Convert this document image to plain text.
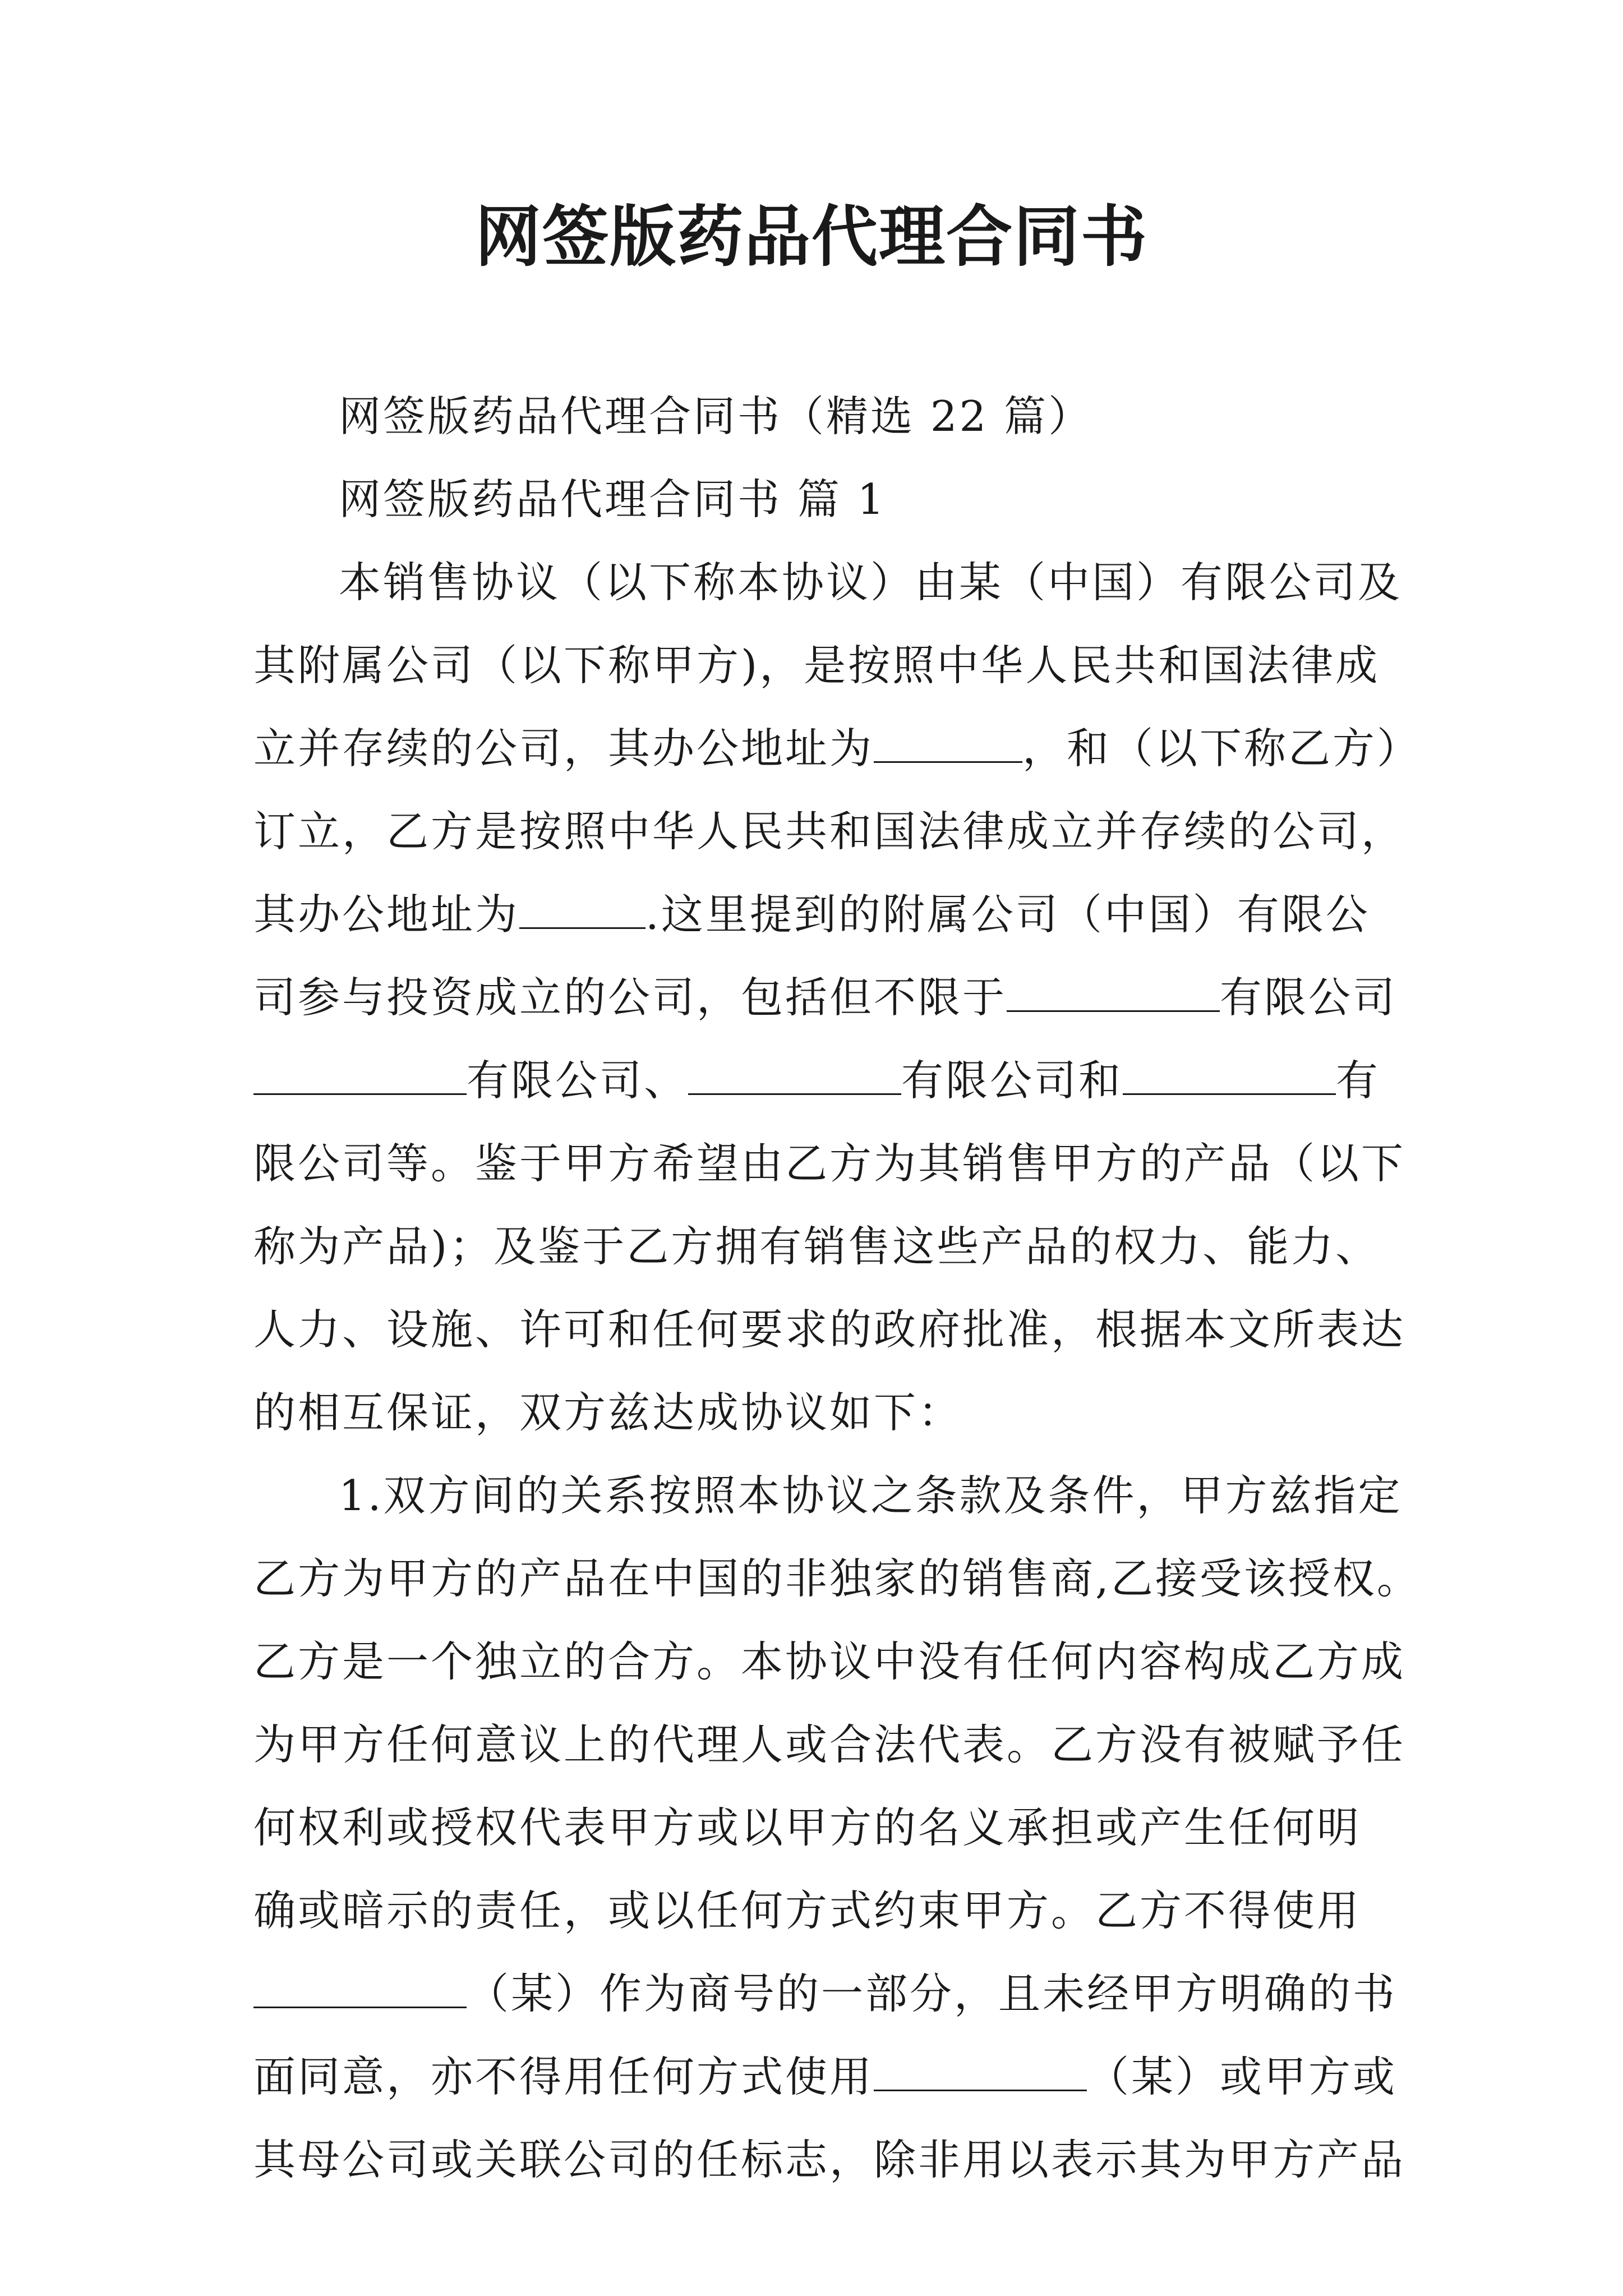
网签版药品代理合同书

网签版药品代理合同书（精选 22 篇）

网签版药品代理合同书 篇 1

本销售协议（以下称本协议）由某（中国）有限公司及

其附属公司（以下称甲方)，是按照中华人民共和国法律成

立并存续的公司，其办公地址为	，和（以下称乙方）

订立，乙方是按照中华人民共和国法律成立并存续的公司，

其办公地址为	.这里提到的附属公司（中国）有限公

司参与投资成立的公司，包括但不限于	有限公司

有限公司、	有限公司和	有

限公司等。鉴于甲方希望由乙方为其销售甲方的产品（以下

称为产品)；及鉴于乙方拥有销售这些产品的权力、能力、

人力、设施、许可和任何要求的政府批准，根据本文所表达

的相互保证，双方兹达成协议如下：

1.双方间的关系按照本协议之条款及条件，甲方兹指定

乙方为甲方的产品在中国的非独家的销售商,乙接受该授权。

乙方是一个独立的合方。本协议中没有任何内容构成乙方成

为甲方任何意议上的代理人或合法代表。乙方没有被赋予任

何权利或授权代表甲方或以甲方的名义承担或产生任何明

确或暗示的责任，或以任何方式约束甲方。乙方不得使用

（某）作为商号的一部分，且未经甲方明确的书

面同意，亦不得用任何方式使用	（某）或甲方或

其母公司或关联公司的任标志，除非用以表示其为甲方产品
